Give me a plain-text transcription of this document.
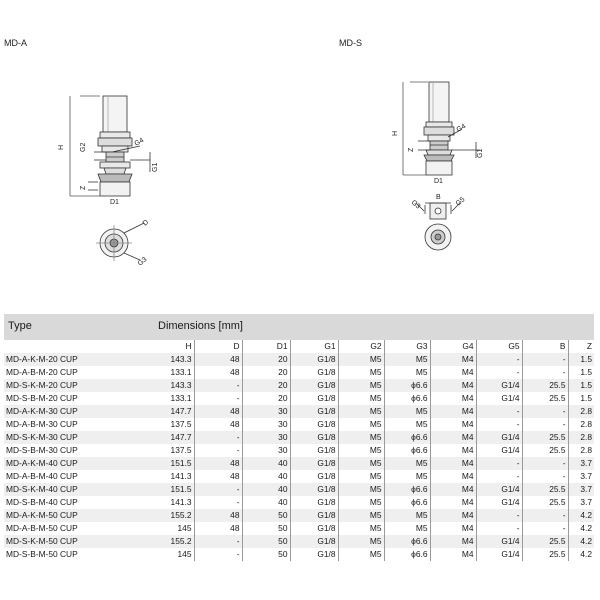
MD-A	MD-S
H G2	G4
G1
Z
D1
D
G3
H
Z
G4
G1
D1
B
G3	G5
Type	Dimensions [mm]
	H	D	D1	G1	G2	G3	G4	G5	B	Z
MD-A-K-M-20 CUP	143.3	48	20	G1/8	M5	M5	M4	-	-	1.5
MD-A-B-M-20 CUP	133.1	48	20	G1/8	M5	M5	M4	-	-	1.5
MD-S-K-M-20 CUP	143.3	-	20	G1/8	M5	ϕ6.6	M4	G1/4	25.5	1.5
MD-S-B-M-20 CUP	133.1	-	20	G1/8	M5	ϕ6.6	M4	G1/4	25.5	1.5
MD-A-K-M-30 CUP	147.7	48	30	G1/8	M5	M5	M4	-	-	2.8
MD-A-B-M-30 CUP	137.5	48	30	G1/8	M5	M5	M4	-	-	2.8
MD-S-K-M-30 CUP	147.7	-	30	G1/8	M5	ϕ6.6	M4	G1/4	25.5	2.8
MD-S-B-M-30 CUP	137.5	-	30	G1/8	M5	ϕ6.6	M4	G1/4	25.5	2.8
MD-A-K-M-40 CUP	151.5	48	40	G1/8	M5	M5	M4	-	-	3.7
MD-A-B-M-40 CUP	141.3	48	40	G1/8	M5	M5	M4	-	-	3.7
MD-S-K-M-40 CUP	151.5	-	40	G1/8	M5	ϕ6.6	M4	G1/4	25.5	3.7
MD-S-B-M-40 CUP	141.3	-	40	G1/8	M5	ϕ6.6	M4	G1/4	25.5	3.7
MD-A-K-M-50 CUP	155.2	48	50	G1/8	M5	M5	M4	-	-	4.2
MD-A-B-M-50 CUP	145	48	50	G1/8	M5	M5	M4	-	-	4.2
MD-S-K-M-50 CUP	155.2	-	50	G1/8	M5	ϕ6.6	M4	G1/4	25.5	4.2
MD-S-B-M-50 CUP	145	-	50	G1/8	M5	ϕ6.6	M4	G1/4	25.5	4.2
